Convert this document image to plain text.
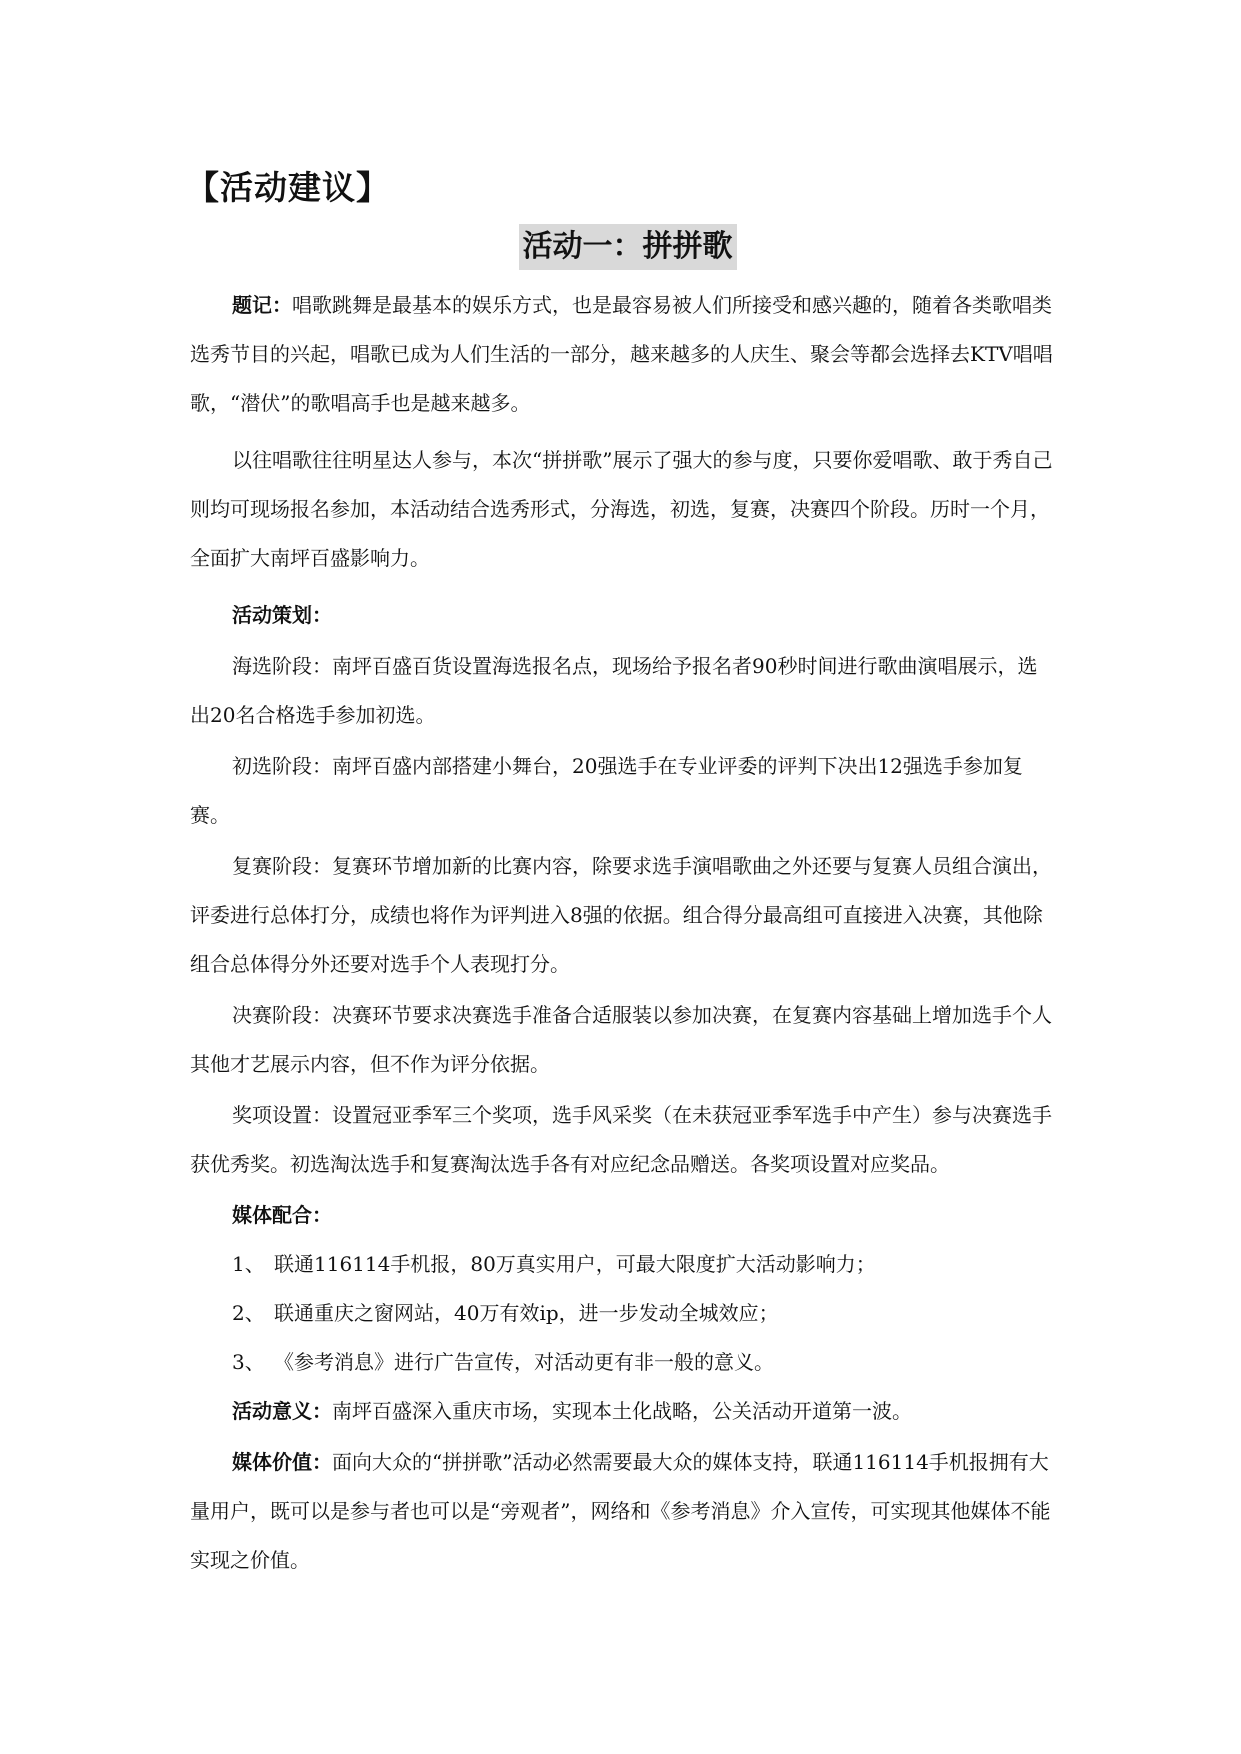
【活动建议】
活动一：拼拼歌

题记：唱歌跳舞是最基本的娱乐方式，也是最容易被人们所接受和感兴趣的，随着各类歌唱类选秀节目的兴起，唱歌已成为人们生活的一部分，越来越多的人庆生、聚会等都会选择去KTV唱唱歌，“潜伏”的歌唱高手也是越来越多。

以往唱歌往往明星达人参与，本次“拼拼歌”展示了强大的参与度，只要你爱唱歌、敢于秀自己则均可现场报名参加，本活动结合选秀形式，分海选，初选，复赛，决赛四个阶段。历时一个月，全面扩大南坪百盛影响力。

活动策划：

海选阶段：南坪百盛百货设置海选报名点，现场给予报名者90秒时间进行歌曲演唱展示，选出20名合格选手参加初选。

初选阶段：南坪百盛内部搭建小舞台，20强选手在专业评委的评判下决出12强选手参加复赛。

复赛阶段：复赛环节增加新的比赛内容，除要求选手演唱歌曲之外还要与复赛人员组合演出，评委进行总体打分，成绩也将作为评判进入8强的依据。组合得分最高组可直接进入决赛，其他除组合总体得分外还要对选手个人表现打分。

决赛阶段：决赛环节要求决赛选手准备合适服装以参加决赛，在复赛内容基础上增加选手个人其他才艺展示内容，但不作为评分依据。

奖项设置：设置冠亚季军三个奖项，选手风采奖（在未获冠亚季军选手中产生）参与决赛选手获优秀奖。初选淘汰选手和复赛淘汰选手各有对应纪念品赠送。各奖项设置对应奖品。

媒体配合：

1、 联通116114手机报，80万真实用户，可最大限度扩大活动影响力；

2、 联通重庆之窗网站，40万有效ip，进一步发动全城效应；

3、 《参考消息》进行广告宣传，对活动更有非一般的意义。

活动意义：南坪百盛深入重庆市场，实现本土化战略，公关活动开道第一波。

媒体价值：面向大众的“拼拼歌”活动必然需要最大众的媒体支持，联通116114手机报拥有大量用户，既可以是参与者也可以是“旁观者”，网络和《参考消息》介入宣传，可实现其他媒体不能实现之价值。
